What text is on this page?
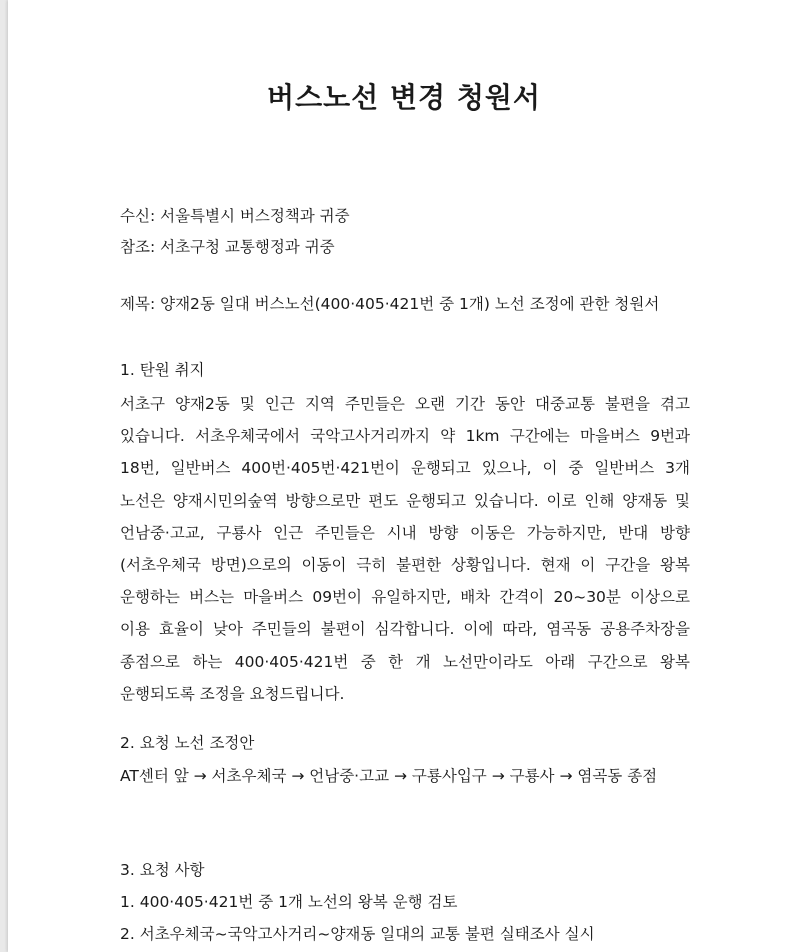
버스노선 변경 청원서
수신: 서울특별시 버스정책과 귀중
참조: 서초구청 교통행정과 귀중
제목: 양재2동 일대 버스노선(400·405·421번 중 1개) 노선 조정에 관한 청원서
1. 탄원 취지

서초구 양재2동 및 인근 지역 주민들은 오랜 기간 동안 대중교통 불편을 겪고 있습니다. 서초우체국에서 국악고사거리까지 약 1km 구간에는 마을버스 9번과 18번, 일반버스 400번·405번·421번이 운행되고 있으나, 이 중 일반버스 3개 노선은 양재시민의숲역 방향으로만 편도 운행되고 있습니다. 이로 인해 양재동 및 언남중·고교, 구룡사 인근 주민들은 시내 방향 이동은 가능하지만, 반대 방향(서초우체국 방면)으로의 이동이 극히 불편한 상황입니다. 현재 이 구간을 왕복 운행하는 버스는 마을버스 09번이 유일하지만, 배차 간격이 20~30분 이상으로 이용 효율이 낮아 주민들의 불편이 심각합니다. 이에 따라, 염곡동 공용주차장을 종점으로 하는 400·405·421번 중 한 개 노선만이라도 아래 구간으로 왕복 운행되도록 조정을 요청드립니다.

2. 요청 노선 조정안

AT센터 앞 → 서초우체국 → 언남중·고교 → 구룡사입구 → 구룡사 → 염곡동 종점

3. 요청 사항
1. 400·405·421번 중 1개 노선의 왕복 운행 검토
2. 서초우체국~국악고사거리~양재동 일대의 교통 불편 실태조사 실시
